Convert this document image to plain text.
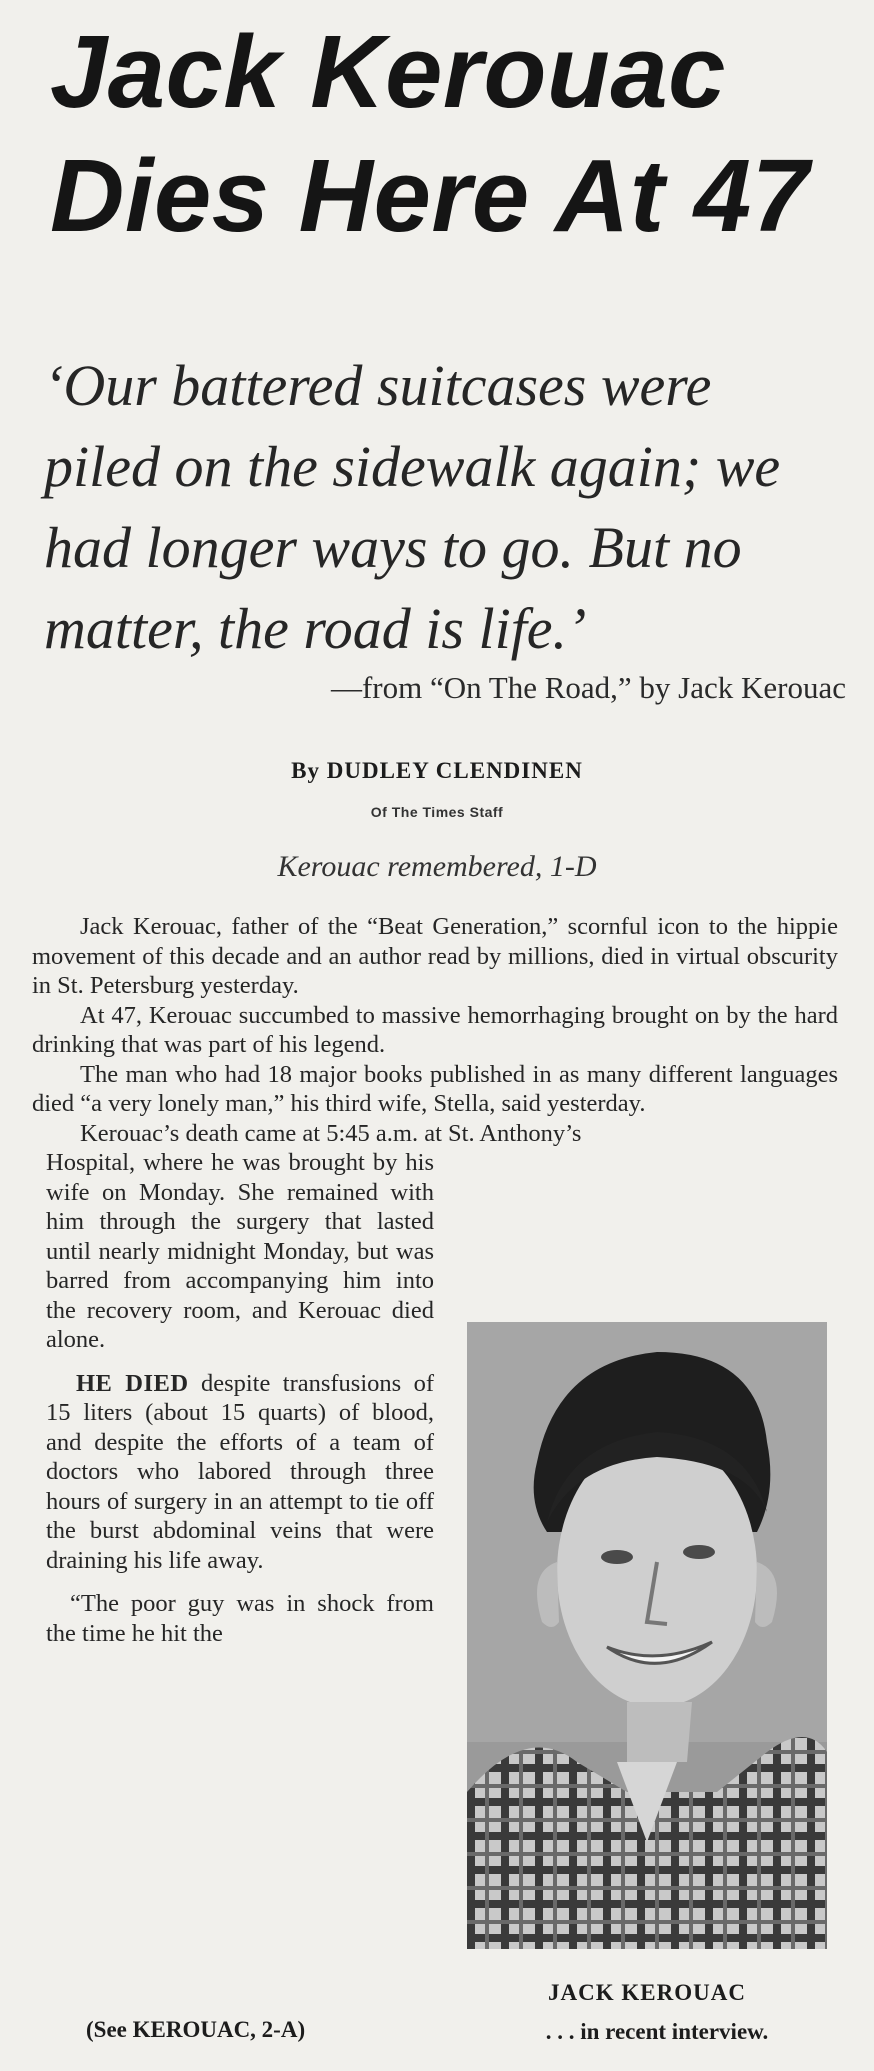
Jack Kerouac
Dies Here At 47

‘Our battered suitcases were piled on the sidewalk again; we had longer ways to go. But no matter, the road is life.’

—from “On The Road,” by Jack Kerouac

By DUDLEY CLENDINEN
Of The Times Staff
Kerouac remembered, 1-D

Jack Kerouac, father of the “Beat Generation,” scornful icon to the hippie movement of this decade and an author read by millions, died in virtual obscurity in St. Petersburg yesterday.

At 47, Kerouac succumbed to massive hemorrhaging brought on by the hard drinking that was part of his legend.

The man who had 18 major books published in as many different languages died “a very lonely man,” his third wife, Stella, said yesterday.

Kerouac’s death came at 5:45 a.m. at St. Anthony’s

Hospital, where he was brought by his wife on Monday. She remained with him through the surgery that lasted until nearly midnight Monday, but was barred from accompanying him into the recovery room, and Kerouac died alone.

HE DIED despite transfusions of 15 liters (about 15 quarts) of blood, and despite the efforts of a team of doctors who labored through three hours of surgery in an attempt to tie off the burst abdominal veins that were draining his life away.

“The poor guy was in shock from the time he hit the

JACK KEROUAC
. . . in recent interview.
(See KEROUAC, 2-A)
